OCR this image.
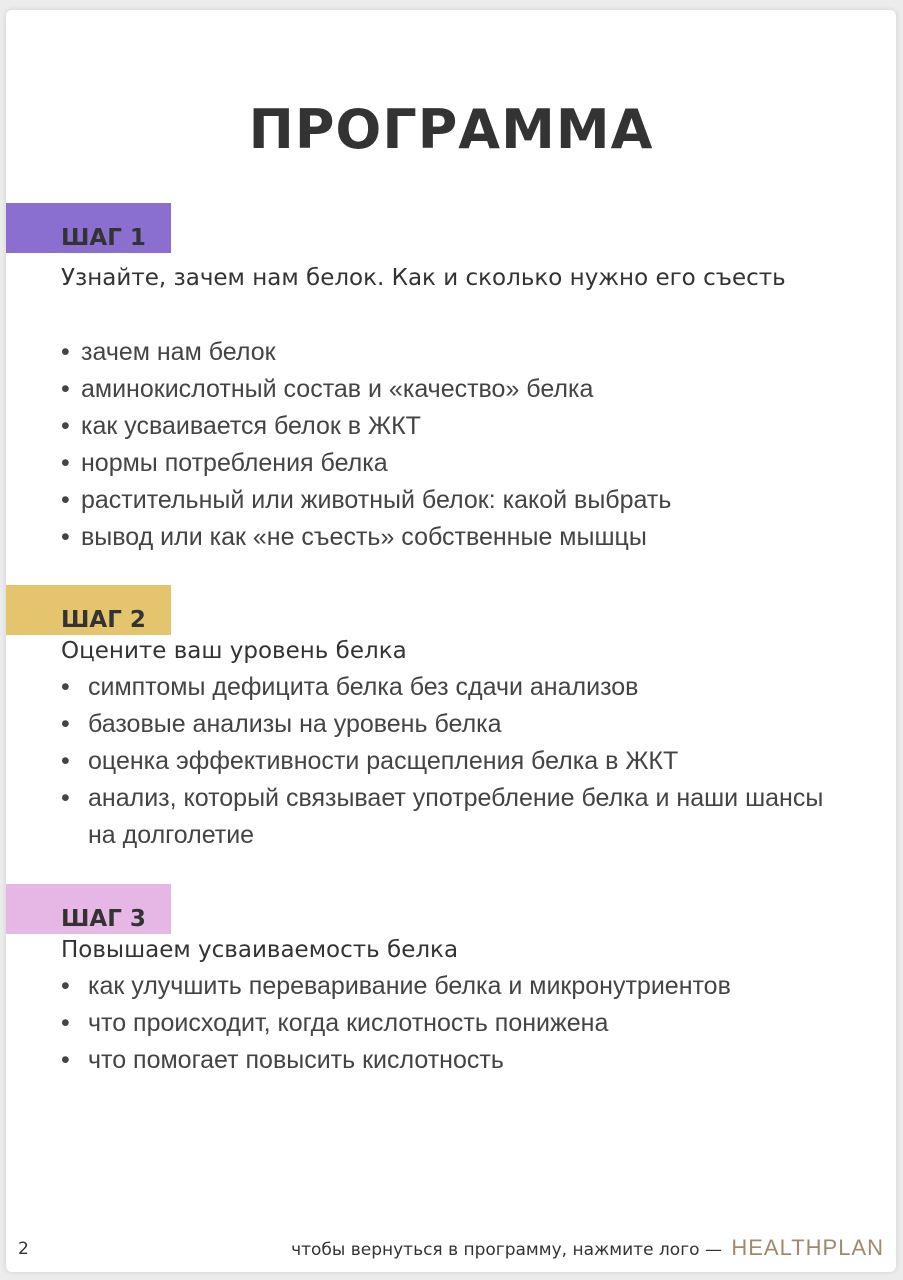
ПРОГРАММА
ШАГ 1
Узнайте, зачем нам белок. Как и сколько нужно его съесть
• зачем нам белок
• аминокислотный состав и «качество» белка
• как усваивается белок в ЖКТ
• нормы потребления белка
• растительный или животный белок: какой выбрать
• вывод или как «не съесть» собственные мышцы
ШАГ 2
Оцените ваш уровень белка
• симптомы дефицита белка без сдачи анализов
• базовые анализы на уровень белка
• оценка эффективности расщепления белка в ЖКТ
• анализ, который связывает употребление белка и наши шансы на долголетие
ШАГ 3
Повышаем усваиваемость белка
• как улучшить переваривание белка и микронутриентов
• что происходит, когда кислотность понижена
• что помогает повысить кислотность
2	чтобы вернуться в программу, нажмите лого — HEALTHPLAN
